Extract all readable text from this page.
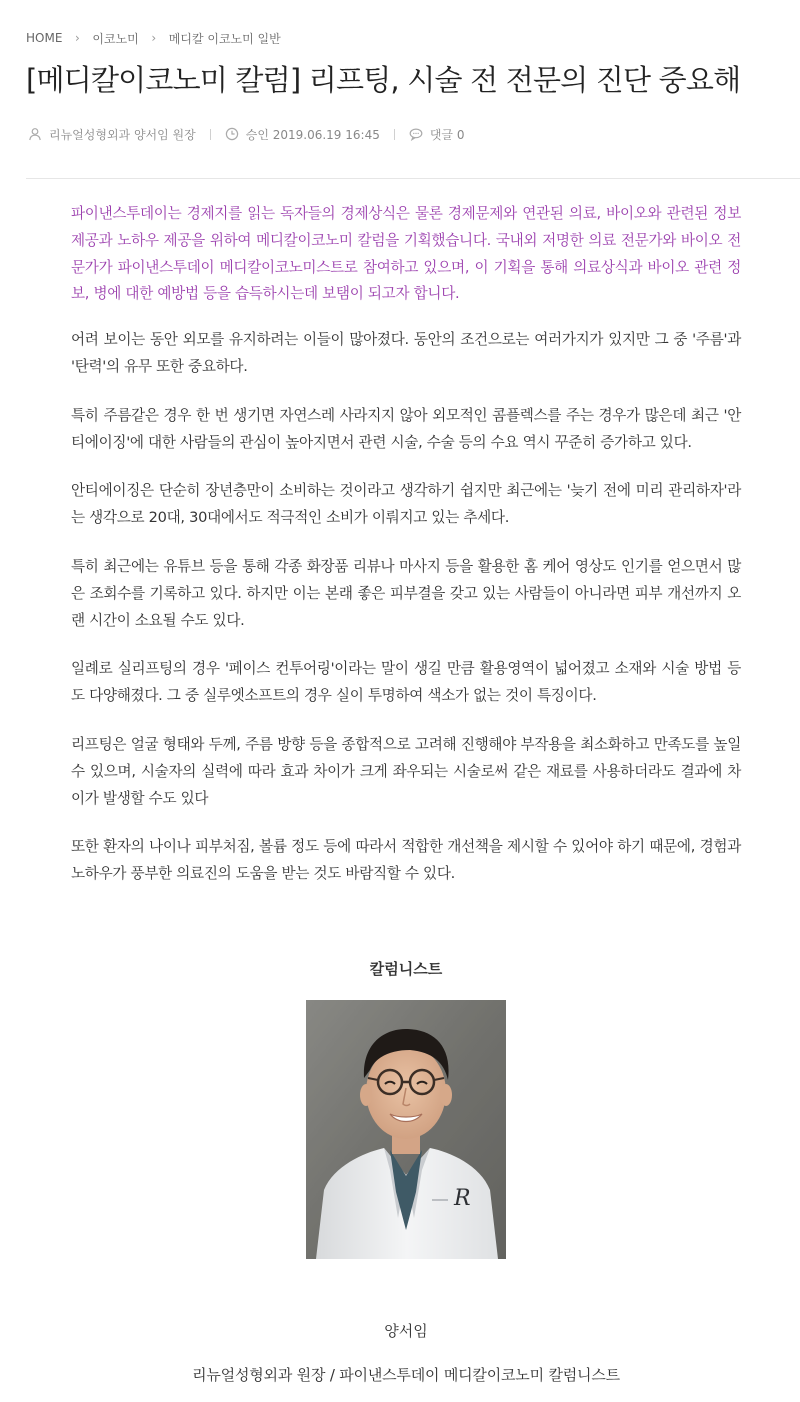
HOME	›	이코노미	›	메디칼 이코노미 일반
[메디칼이코노미 칼럼] 리프팅, 시술 전 전문의 진단 중요해
리뉴얼성형외과 양서임 원장	승인 2019.06.19 16:45	댓글 0

파이낸스투데이는 경제지를 읽는 독자들의 경제상식은 물론 경제문제와 연관된 의료, 바이오와 관련된 정보제공과 노하우 제공을 위하여 메디칼이코노미 칼럼을 기획했습니다. 국내외 저명한 의료 전문가와 바이오 전문가가 파이낸스투데이 메디칼이코노미스트로 참여하고 있으며, 이 기획을 통해 의료상식과 바이오 관련 정보, 병에 대한 예방법 등을 습득하시는데 보탬이 되고자 합니다.

어려 보이는 동안 외모를 유지하려는 이들이 많아졌다. 동안의 조건으로는 여러가지가 있지만 그 중 '주름'과 '탄력'의 유무 또한 중요하다.

특히 주름같은 경우 한 번 생기면 자연스레 사라지지 않아 외모적인 콤플렉스를 주는 경우가 많은데 최근 '안티에이징'에 대한 사람들의 관심이 높아지면서 관련 시술, 수술 등의 수요 역시 꾸준히 증가하고 있다.

안티에이징은 단순히 장년층만이 소비하는 것이라고 생각하기 쉽지만 최근에는 '늦기 전에 미리 관리하자'라는 생각으로 20대, 30대에서도 적극적인 소비가 이뤄지고 있는 추세다.

특히 최근에는 유튜브 등을 통해 각종 화장품 리뷰나 마사지 등을 활용한 홈 케어 영상도 인기를 얻으면서 많은 조회수를 기록하고 있다. 하지만 이는 본래 좋은 피부결을 갖고 있는 사람들이 아니라면 피부 개선까지 오랜 시간이 소요될 수도 있다.

일례로 실리프팅의 경우 '페이스 컨투어링'이라는 말이 생길 만큼 활용영역이 넓어졌고 소재와 시술 방법 등도 다양해졌다. 그 중 실루엣소프트의 경우 실이 투명하여 색소가 없는 것이 특징이다.

리프팅은 얼굴 형태와 두께, 주름 방향 등을 종합적으로 고려해 진행해야 부작용을 최소화하고 만족도를 높일 수 있으며, 시술자의 실력에 따라 효과 차이가 크게 좌우되는 시술로써 같은 재료를 사용하더라도 결과에 차이가 발생할 수도 있다

또한 환자의 나이나 피부처짐, 볼륨 정도 등에 따라서 적합한 개선책을 제시할 수 있어야 하기 때문에, 경험과 노하우가 풍부한 의료진의 도움을 받는 것도 바람직할 수 있다.

칼럼니스트
R
양서임
리뉴얼성형외과 원장 / 파이낸스투데이 메디칼이코노미 칼럼니스트
